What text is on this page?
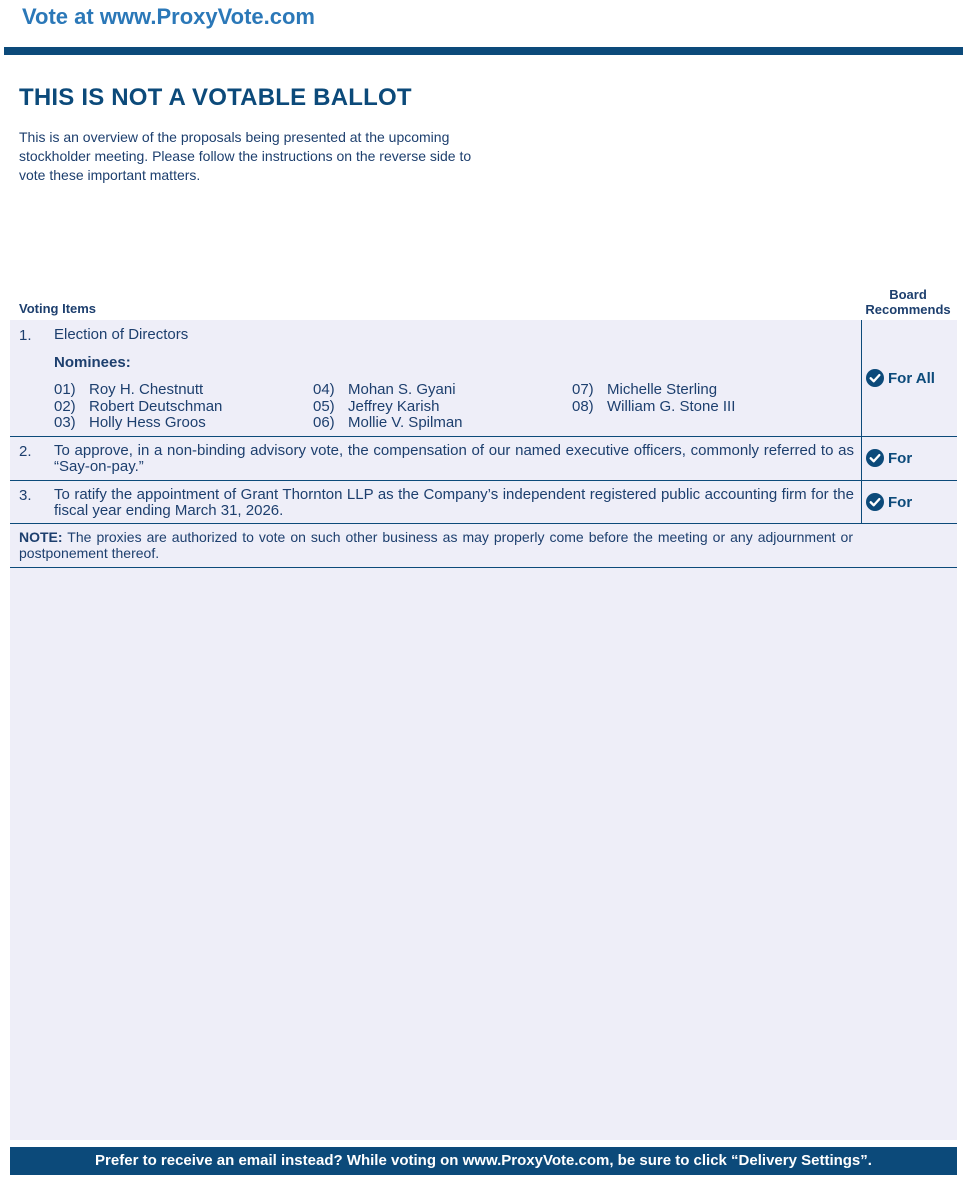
Vote at www.ProxyVote.com
THIS IS NOT A VOTABLE BALLOT
This is an overview of the proposals being presented at the upcoming stockholder meeting. Please follow the instructions on the reverse side to vote these important matters.
Voting Items
Board
Recommends
1. Election of Directors
Nominees:
01) Roy H. Chestnutt
02) Robert Deutschman
03) Holly Hess Groos
04) Mohan S. Gyani
05) Jeffrey Karish
06) Mollie V. Spilman
07) Michelle Sterling
08) William G. Stone III
For All
2. To approve, in a non-binding advisory vote, the compensation of our named executive officers, commonly referred to as “Say-on-pay.”	For
3. To ratify the appointment of Grant Thornton LLP as the Company’s independent registered public accounting firm for the fiscal year ending March 31, 2026.	For
NOTE: The proxies are authorized to vote on such other business as may properly come before the meeting or any adjournment or postponement thereof.
Prefer to receive an email instead? While voting on www.ProxyVote.com, be sure to click “Delivery Settings”.
